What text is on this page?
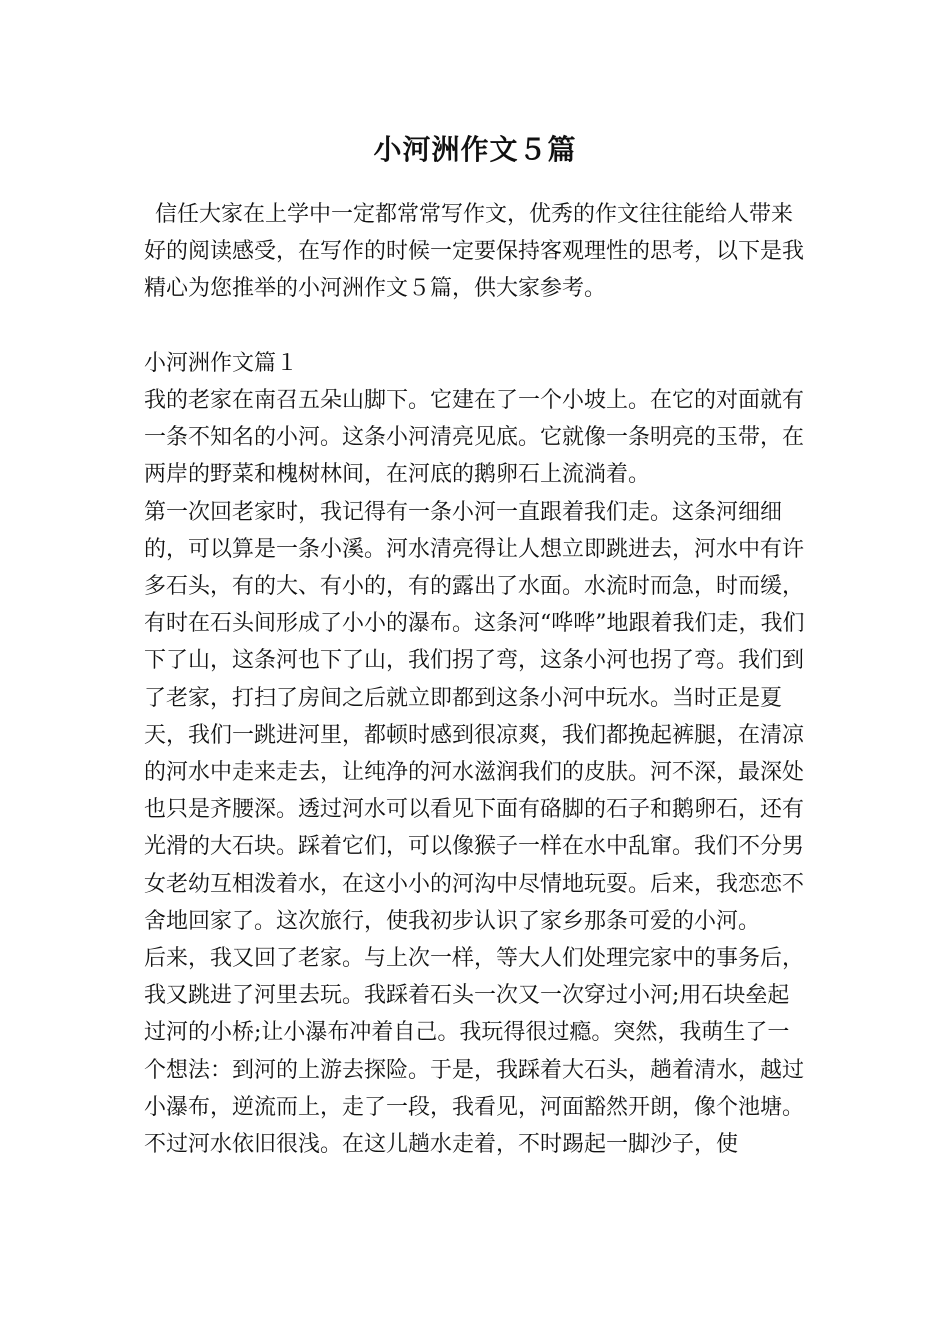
小河洲作文５篇

信任大家在上学中一定都常常写作文，优秀的作文往往能给人带来好的阅读感受，在写作的时候一定要保持客观理性的思考，以下是我精心为您推举的小河洲作文５篇，供大家参考。

小河洲作文篇１

我的老家在南召五朵山脚下。它建在了一个小坡上。在它的对面就有一条不知名的小河。这条小河清亮见底。它就像一条明亮的玉带，在两岸的野菜和槐树林间，在河底的鹅卵石上流淌着。

第一次回老家时，我记得有一条小河一直跟着我们走。这条河细细的，可以算是一条小溪。河水清亮得让人想立即跳进去，河水中有许多石头，有的大、有小的，有的露出了水面。水流时而急，时而缓，有时在石头间形成了小小的瀑布。这条河“哗哗”地跟着我们走，我们下了山，这条河也下了山，我们拐了弯，这条小河也拐了弯。我们到了老家，打扫了房间之后就立即都到这条小河中玩水。当时正是夏天，我们一跳进河里，都顿时感到很凉爽，我们都挽起裤腿，在清凉的河水中走来走去，让纯净的河水滋润我们的皮肤。河不深，最深处也只是齐腰深。透过河水可以看见下面有硌脚的石子和鹅卵石，还有光滑的大石块。踩着它们，可以像猴子一样在水中乱窜。我们不分男女老幼互相泼着水，在这小小的河沟中尽情地玩耍。后来，我恋恋不舍地回家了。这次旅行，使我初步认识了家乡那条可爱的小河。

后来，我又回了老家。与上次一样，等大人们处理完家中的事务后，我又跳进了河里去玩。我踩着石头一次又一次穿过小河;用石块垒起过河的小桥;让小瀑布冲着自己。我玩得很过瘾。突然，我萌生了一个想法：到河的上游去探险。于是，我踩着大石头，趟着清水，越过小瀑布，逆流而上，走了一段，我看见，河面豁然开朗，像个池塘。不过河水依旧很浅。在这儿趟水走着，不时踢起一脚沙子，使
